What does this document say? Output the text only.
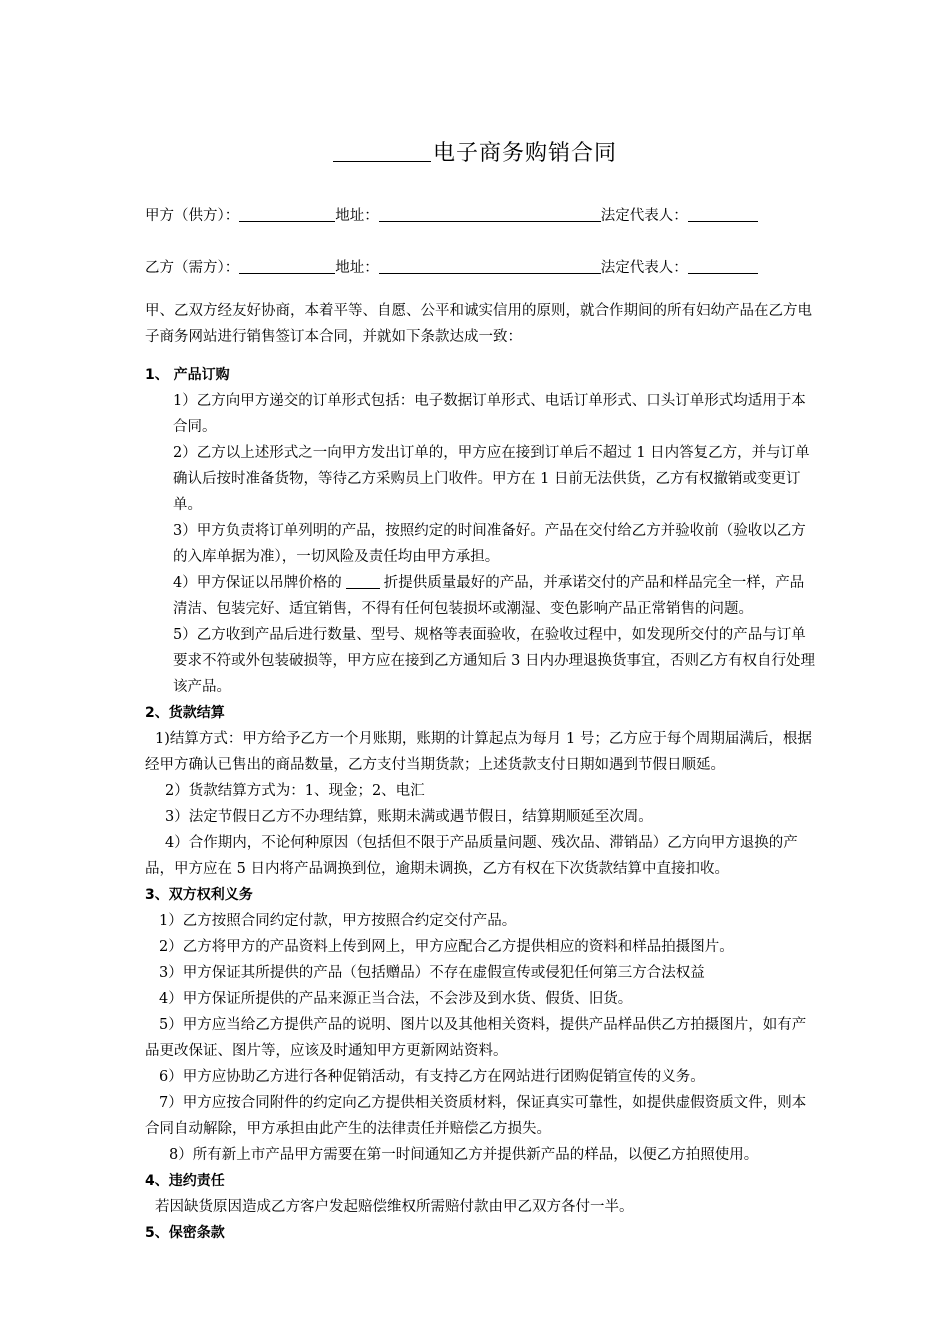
电子商务购销合同
甲方（供方）：	地址：	法定代表人：
乙方（需方）：	地址：	法定代表人：

甲、乙双方经友好协商，本着平等、自愿、公平和诚实信用的原则，就合作期间的所有妇幼产品在乙方电子商务网站进行销售签订本合同，并就如下条款达成一致：

1、 产品订购

1）乙方向甲方递交的订单形式包括：电子数据订单形式、电话订单形式、口头订单形式均适用于本合同。

2）乙方以上述形式之一向甲方发出订单的，甲方应在接到订单后不超过 1 日内答复乙方，并与订单确认后按时准备货物，等待乙方采购员上门收件。甲方在 1 日前无法供货，乙方有权撤销或变更订单。

3）甲方负责将订单列明的产品，按照约定的时间准备好。产品在交付给乙方并验收前（验收以乙方的入库单据为准），一切风险及责任均由甲方承担。

4）甲方保证以吊牌价格的	折提供质量最好的产品，并承诺交付的产品和样品完全一样，产品清洁、包装完好、适宜销售，不得有任何包装损坏或潮湿、变色影响产品正常销售的问题。

5）乙方收到产品后进行数量、型号、规格等表面验收，在验收过程中，如发现所交付的产品与订单要求不符或外包装破损等，甲方应在接到乙方通知后 3 日内办理退换货事宜，否则乙方有权自行处理该产品。

2、货款结算

1)结算方式：甲方给予乙方一个月账期，账期的计算起点为每月 1 号；乙方应于每个周期届满后，根据经甲方确认已售出的商品数量，乙方支付当期货款；上述货款支付日期如遇到节假日顺延。

2）货款结算方式为：1、现金；2、电汇

3）法定节假日乙方不办理结算，账期未满或遇节假日，结算期顺延至次周。

4）合作期内，不论何种原因（包括但不限于产品质量问题、残次品、滞销品）乙方向甲方退换的产品，甲方应在 5 日内将产品调换到位，逾期未调换，乙方有权在下次货款结算中直接扣收。

3、双方权利义务

1）乙方按照合同约定付款，甲方按照合约定交付产品。

2）乙方将甲方的产品资料上传到网上，甲方应配合乙方提供相应的资料和样品拍摄图片。

3）甲方保证其所提供的产品（包括赠品）不存在虚假宣传或侵犯任何第三方合法权益

4）甲方保证所提供的产品来源正当合法，不会涉及到水货、假货、旧货。

5）甲方应当给乙方提供产品的说明、图片以及其他相关资料，提供产品样品供乙方拍摄图片，如有产品更改保证、图片等，应该及时通知甲方更新网站资料。

6）甲方应协助乙方进行各种促销活动，有支持乙方在网站进行团购促销宣传的义务。

7）甲方应按合同附件的约定向乙方提供相关资质材料，保证真实可靠性，如提供虚假资质文件，则本合同自动解除，甲方承担由此产生的法律责任并赔偿乙方损失。

8）所有新上市产品甲方需要在第一时间通知乙方并提供新产品的样品，以便乙方拍照使用。

4、违约责任

若因缺货原因造成乙方客户发起赔偿维权所需赔付款由甲乙双方各付一半。

5、保密条款
